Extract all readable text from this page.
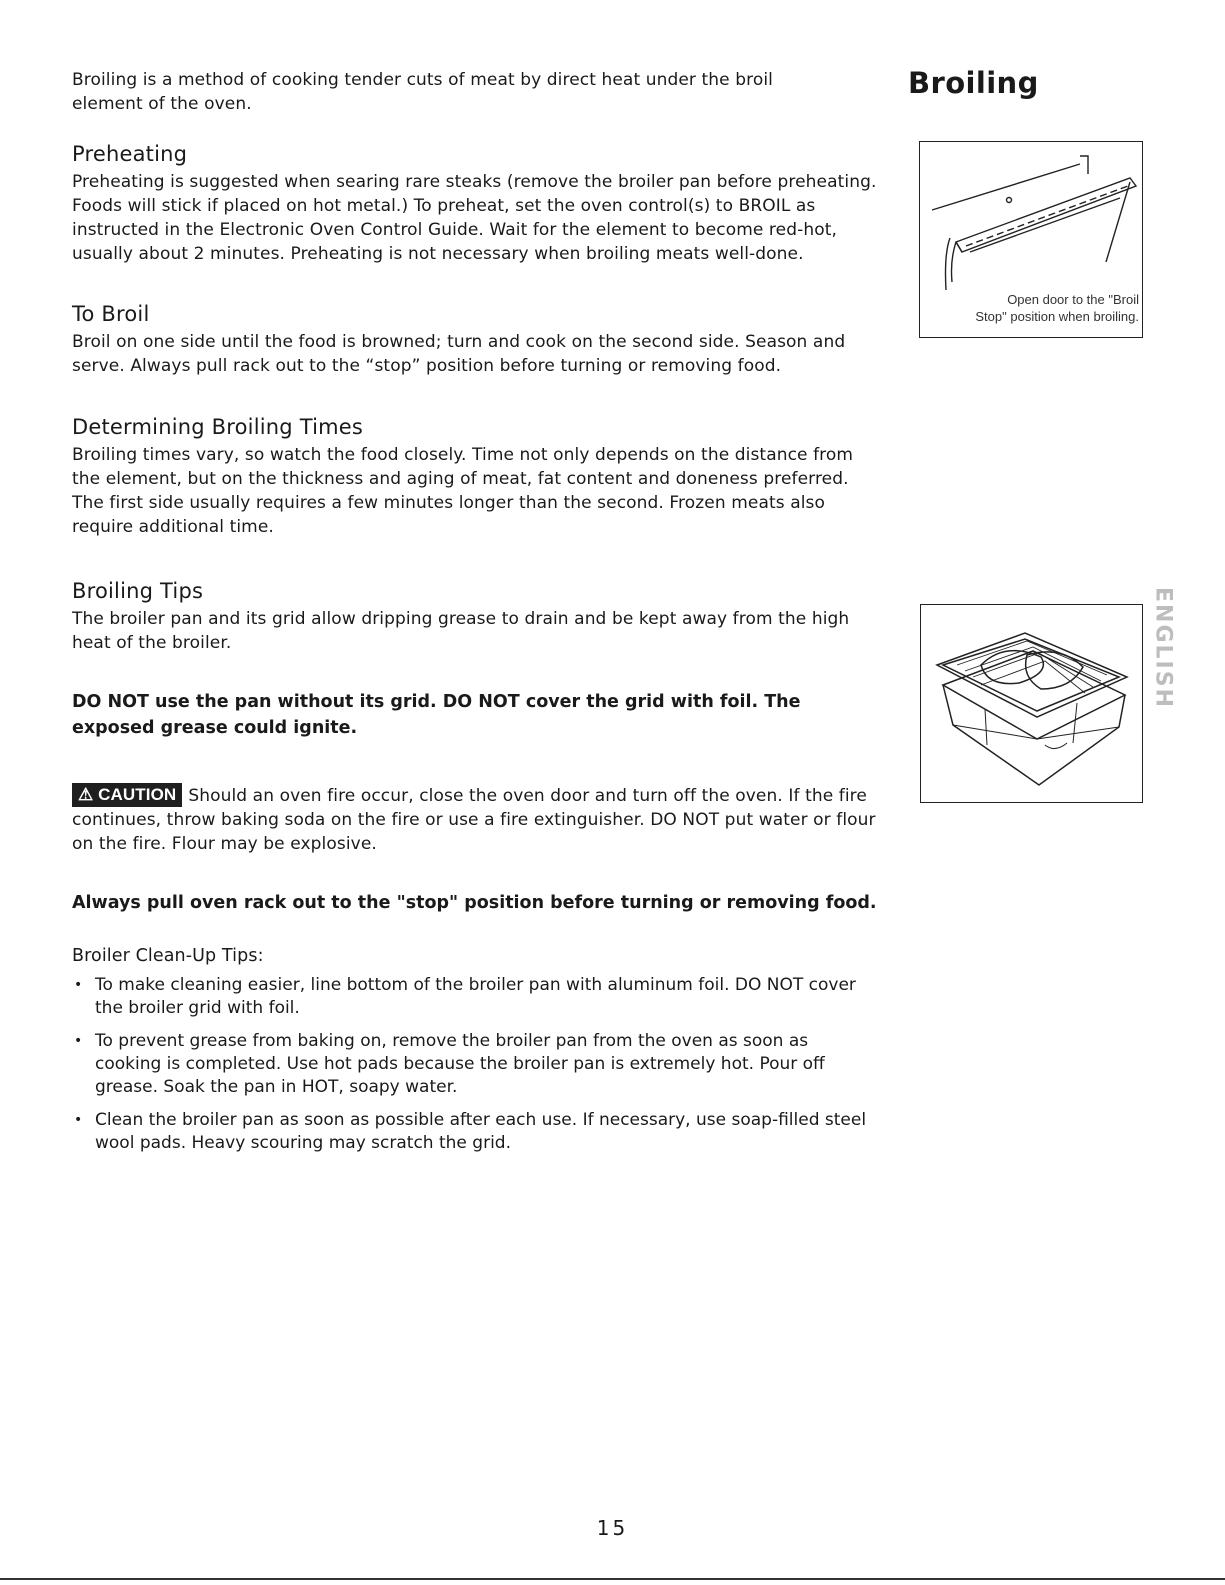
Broiling is a method of cooking tender cuts of meat by direct heat under the broil element of the oven.

Preheating

Preheating is suggested when searing rare steaks (remove the broiler pan before preheating. Foods will stick if placed on hot metal.) To preheat, set the oven control(s) to BROIL as instructed in the Electronic Oven Control Guide. Wait for the element to become red-hot, usually about 2 minutes. Preheating is not necessary when broiling meats well-done.

To Broil

Broil on one side until the food is browned; turn and cook on the second side. Season and serve. Always pull rack out to the “stop” position before turning or removing food.

Determining Broiling Times

Broiling times vary, so watch the food closely. Time not only depends on the distance from the element, but on the thickness and aging of meat, fat content and doneness preferred. The first side usually requires a few minutes longer than the second. Frozen meats also require additional time.

Broiling Tips

The broiler pan and its grid allow dripping grease to drain and be kept away from the high heat of the broiler.

DO NOT use the pan without its grid. DO NOT cover the grid with foil. The exposed grease could ignite.

⚠ CAUTION Should an oven fire occur, close the oven door and turn off the oven. If the fire continues, throw baking soda on the fire or use a fire extinguisher. DO NOT put water or flour on the fire. Flour may be explosive.

Always pull oven rack out to the "stop" position before turning or removing food.

Broiler Clean-Up Tips:

• To make cleaning easier, line bottom of the broiler pan with aluminum foil. DO NOT cover the broiler grid with foil.
• To prevent grease from baking on, remove the broiler pan from the oven as soon as cooking is completed. Use hot pads because the broiler pan is extremely hot. Pour off grease. Soak the pan in HOT, soapy water.
• Clean the broiler pan as soon as possible after each use. If necessary, use soap-filled steel wool pads. Heavy scouring may scratch the grid.
Broiling

Open door to the "Broil
Stop" position when broiling.

ENGLISH

15
